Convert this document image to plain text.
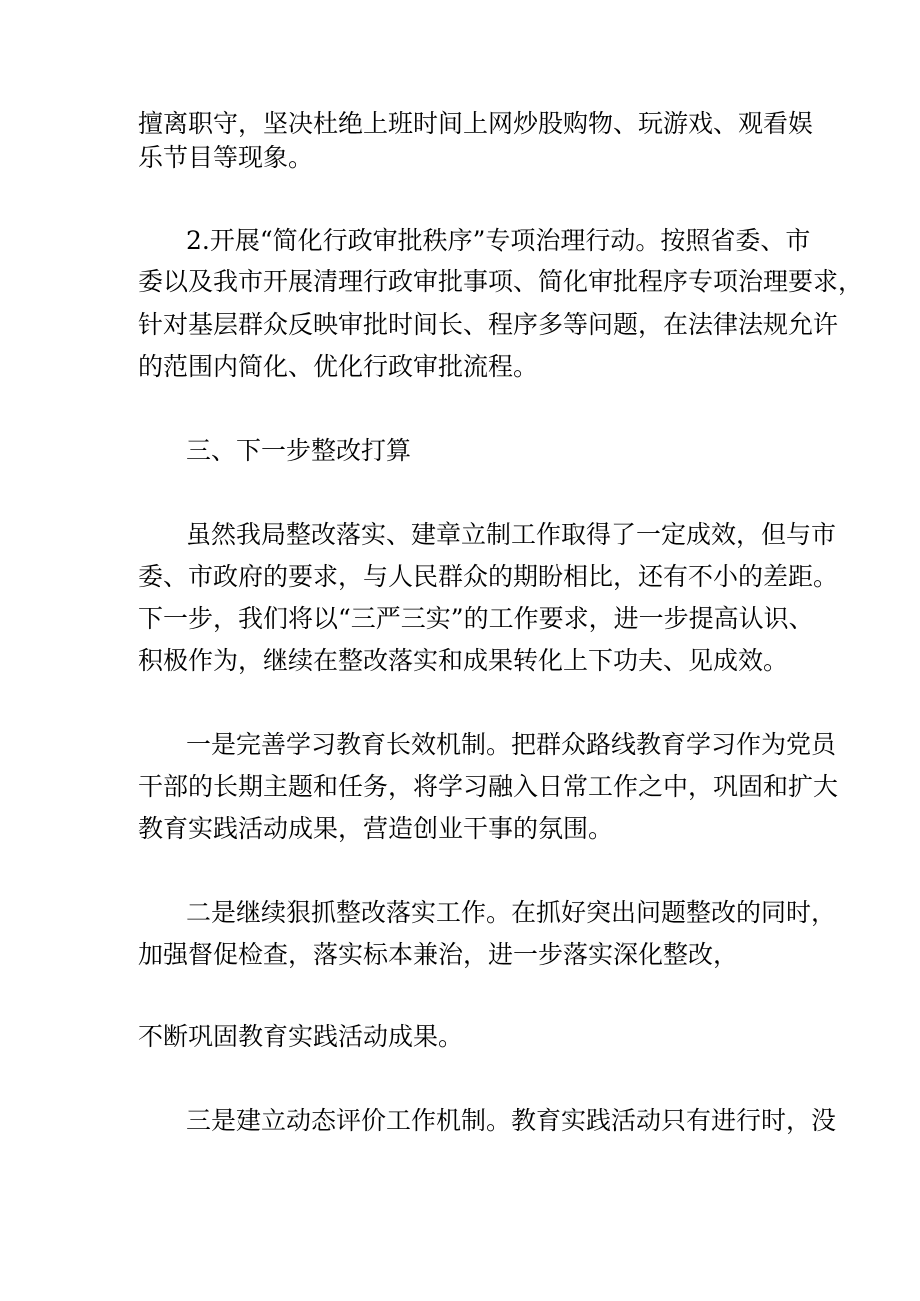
擅离职守，坚决杜绝上班时间上网炒股购物、玩游戏、观看娱
乐节目等现象。
2.开展“简化行政审批秩序”专项治理行动。按照省委、市
委以及我市开展清理行政审批事项、简化审批程序专项治理要求，
针对基层群众反映审批时间长、程序多等问题，在法律法规允许
的范围内简化、优化行政审批流程。
三、下一步整改打算
虽然我局整改落实、建章立制工作取得了一定成效，但与市
委、市政府的要求，与人民群众的期盼相比，还有不小的差距。
下一步，我们将以“三严三实”的工作要求，进一步提高认识、
积极作为，继续在整改落实和成果转化上下功夫、见成效。
一是完善学习教育长效机制。把群众路线教育学习作为党员
干部的长期主题和任务，将学习融入日常工作之中，巩固和扩大
教育实践活动成果，营造创业干事的氛围。
二是继续狠抓整改落实工作。在抓好突出问题整改的同时，
加强督促检查，落实标本兼治，进一步落实深化整改，
不断巩固教育实践活动成果。
三是建立动态评价工作机制。教育实践活动只有进行时，没
